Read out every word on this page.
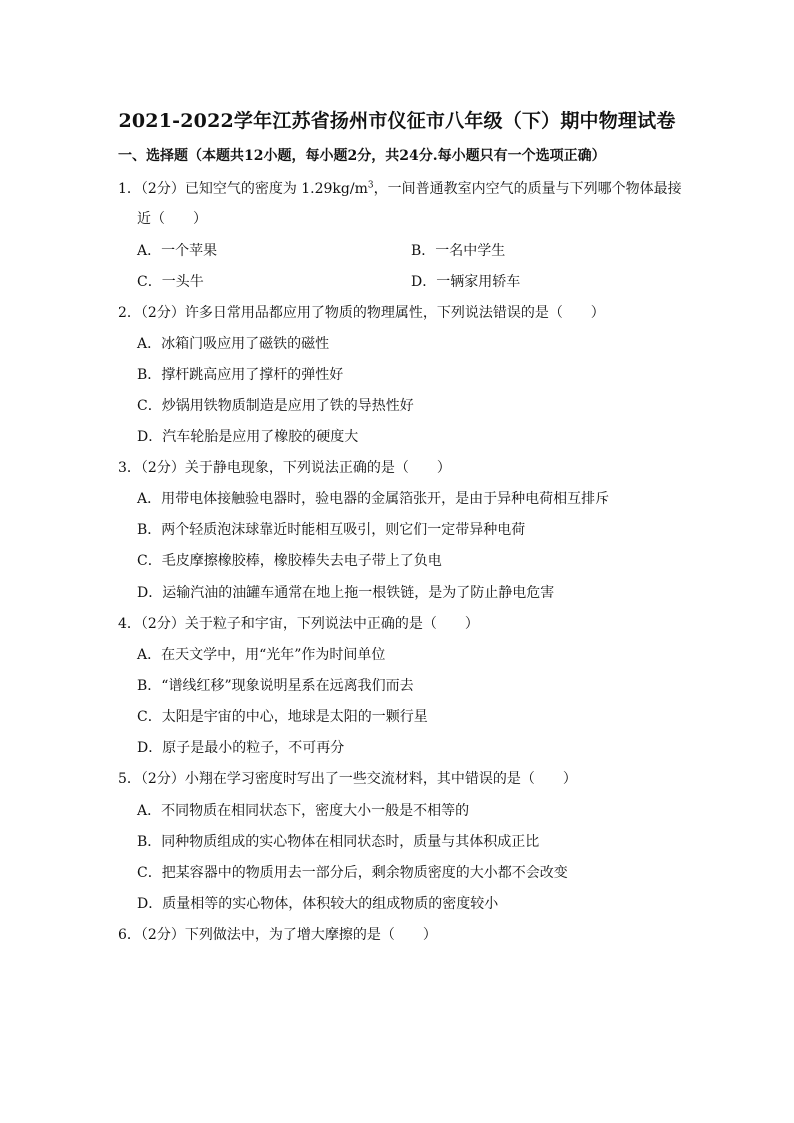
2021-2022学年江苏省扬州市仪征市八年级（下）期中物理试卷
一、选择题（本题共12小题，每小题2分，共24分.每小题只有一个选项正确）
1．（2分）已知空气的密度为 $1.29kg/m^3$，一间普通教室内空气的质量与下列哪个物体最接
近（　　）
A．一个苹果	B．一名中学生
C．一头牛	D．一辆家用轿车
2．（2分）许多日常用品都应用了物质的物理属性，下列说法错误的是（　　）
A．冰箱门吸应用了磁铁的磁性
B．撑杆跳高应用了撑杆的弹性好
C．炒锅用铁物质制造是应用了铁的导热性好
D．汽车轮胎是应用了橡胶的硬度大
3．（2分）关于静电现象，下列说法正确的是（　　）
A．用带电体接触验电器时，验电器的金属箔张开，是由于异种电荷相互排斥
B．两个轻质泡沫球靠近时能相互吸引，则它们一定带异种电荷
C．毛皮摩擦橡胶棒，橡胶棒失去电子带上了负电
D．运输汽油的油罐车通常在地上拖一根铁链，是为了防止静电危害
4．（2分）关于粒子和宇宙，下列说法中正确的是（　　）
A．在天文学中，用“光年”作为时间单位
B．“谱线红移”现象说明星系在远离我们而去
C．太阳是宇宙的中心，地球是太阳的一颗行星
D．原子是最小的粒子，不可再分
5．（2分）小翔在学习密度时写出了一些交流材料，其中错误的是（　　）
A．不同物质在相同状态下，密度大小一般是不相等的
B．同种物质组成的实心物体在相同状态时，质量与其体积成正比
C．把某容器中的物质用去一部分后，剩余物质密度的大小都不会改变
D．质量相等的实心物体，体积较大的组成物质的密度较小
6．（2分）下列做法中，为了增大摩擦的是（　　）
